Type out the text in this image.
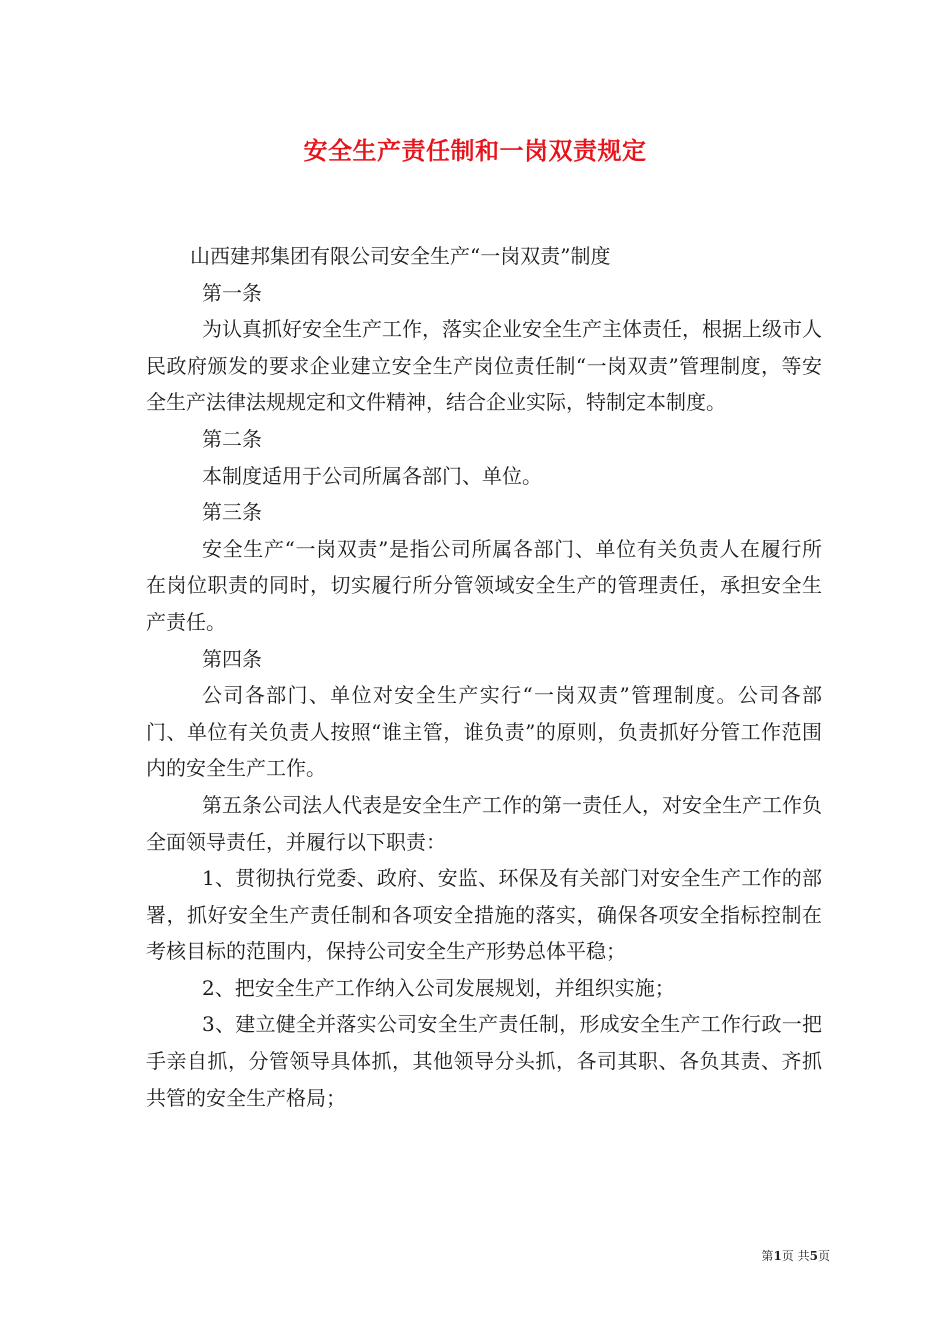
安全生产责任制和一岗双责规定

山西建邦集团有限公司安全生产“一岗双责”制度

第一条

为认真抓好安全生产工作，落实企业安全生产主体责任，根据上级市人民政府颁发的要求企业建立安全生产岗位责任制“一岗双责”管理制度，等安全生产法律法规规定和文件精神，结合企业实际，特制定本制度。

第二条

本制度适用于公司所属各部门、单位。

第三条

安全生产“一岗双责”是指公司所属各部门、单位有关负责人在履行所在岗位职责的同时，切实履行所分管领域安全生产的管理责任，承担安全生产责任。

第四条

公司各部门、单位对安全生产实行“一岗双责”管理制度。公司各部门、单位有关负责人按照“谁主管，谁负责”的原则，负责抓好分管工作范围内的安全生产工作。

第五条公司法人代表是安全生产工作的第一责任人，对安全生产工作负全面领导责任，并履行以下职责：

1、贯彻执行党委、政府、安监、环保及有关部门对安全生产工作的部署，抓好安全生产责任制和各项安全措施的落实，确保各项安全指标控制在考核目标的范围内，保持公司安全生产形势总体平稳；

2、把安全生产工作纳入公司发展规划，并组织实施；

3、建立健全并落实公司安全生产责任制，形成安全生产工作行政一把手亲自抓，分管领导具体抓，其他领导分头抓，各司其职、各负其责、齐抓共管的安全生产格局；

第1页 共5页
